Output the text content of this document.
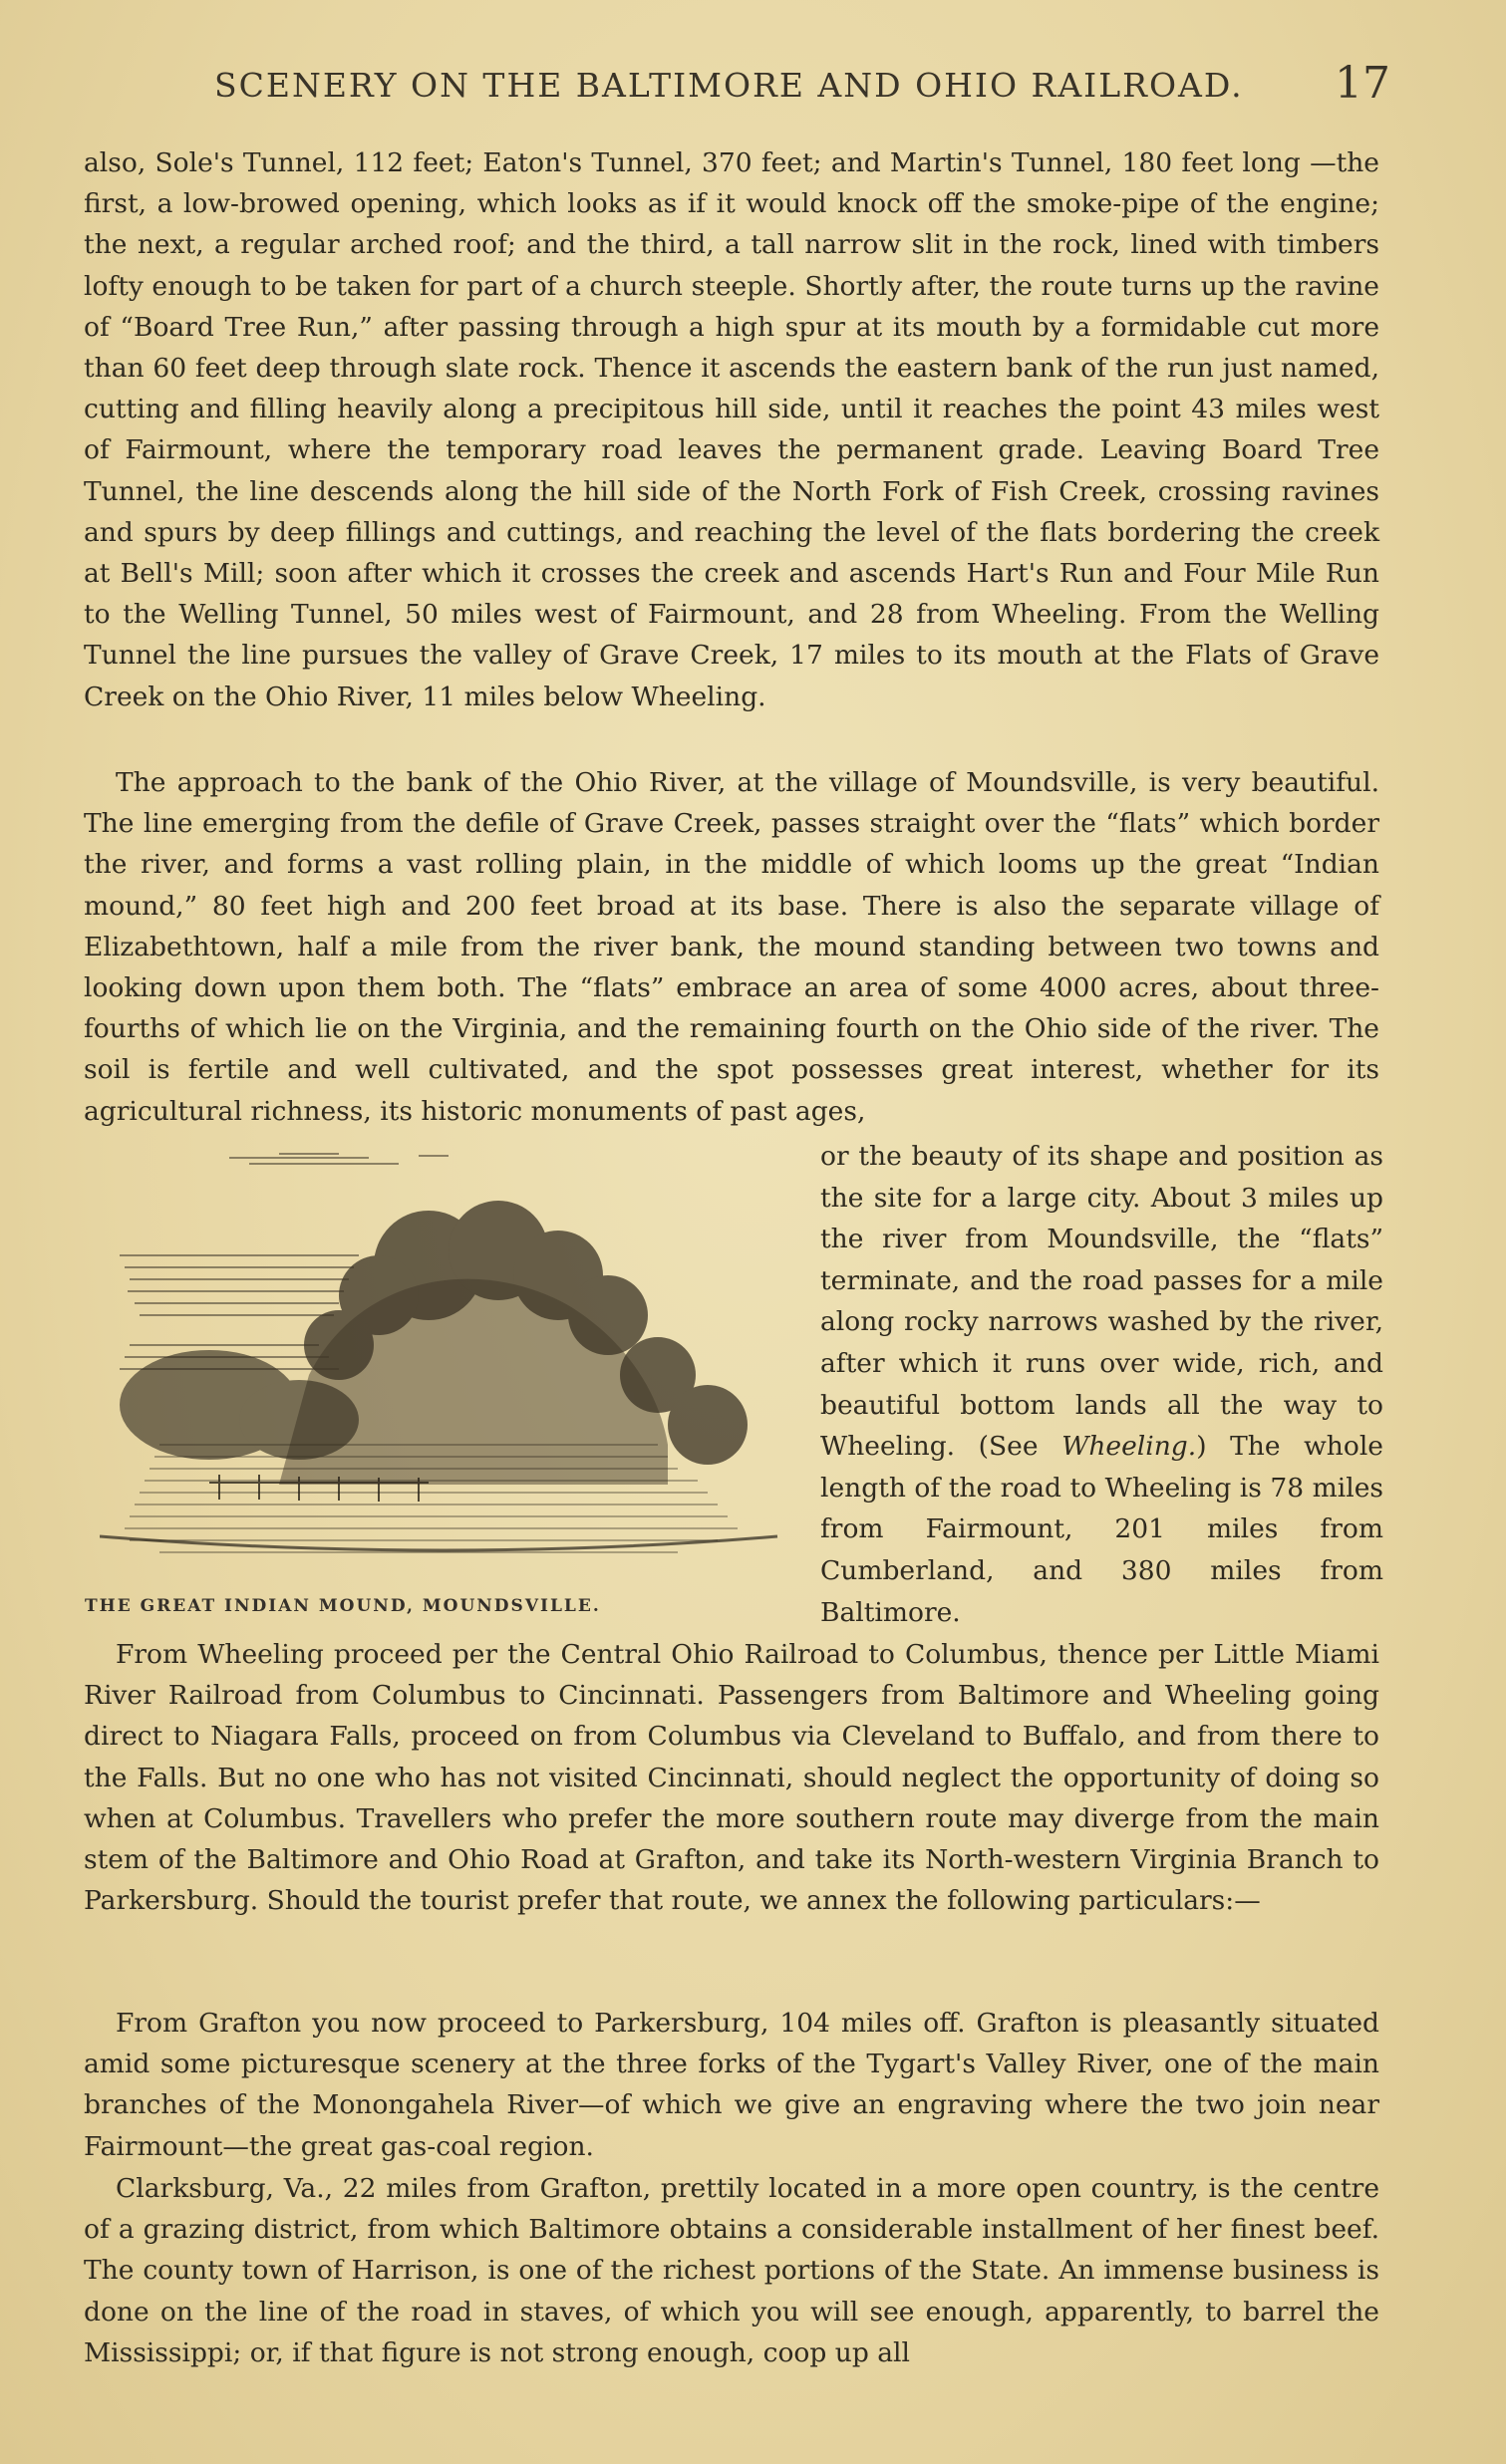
SCENERY ON THE BALTIMORE AND OHIO RAILROAD. 17
also, Sole's Tunnel, 112 feet; Eaton's Tunnel, 370 feet; and Martin's Tunnel, 180 feet long —the first, a low-browed opening, which looks as if it would knock off the smoke-pipe of the engine; the next, a regular arched roof; and the third, a tall narrow slit in the rock, lined with timbers lofty enough to be taken for part of a church steeple. Shortly after, the route turns up the ravine of “Board Tree Run,” after passing through a high spur at its mouth by a formidable cut more than 60 feet deep through slate rock. Thence it ascends the eastern bank of the run just named, cutting and filling heavily along a precipitous hill side, until it reaches the point 43 miles west of Fairmount, where the temporary road leaves the permanent grade. Leaving Board Tree Tunnel, the line descends along the hill side of the North Fork of Fish Creek, crossing ravines and spurs by deep fillings and cuttings, and reaching the level of the flats bordering the creek at Bell's Mill; soon after which it crosses the creek and ascends Hart's Run and Four Mile Run to the Welling Tunnel, 50 miles west of Fairmount, and 28 from Wheeling. From the Welling Tunnel the line pursues the valley of Grave Creek, 17 miles to its mouth at the Flats of Grave Creek on the Ohio River, 11 miles below Wheeling.
The approach to the bank of the Ohio River, at the village of Moundsville, is very beautiful. The line emerging from the defile of Grave Creek, passes straight over the “flats” which border the river, and forms a vast rolling plain, in the middle of which looms up the great “Indian mound,” 80 feet high and 200 feet broad at its base. There is also the separate village of Elizabethtown, half a mile from the river bank, the mound standing between two towns and looking down upon them both. The “flats” embrace an area of some 4000 acres, about three-fourths of which lie on the Virginia, and the remaining fourth on the Ohio side of the river. The soil is fertile and well cultivated, and the spot possesses great interest, whether for its agricultural richness, its historic monuments of past ages,
THE GREAT INDIAN MOUND, MOUNDSVILLE.
or the beauty of its shape and position as the site for a large city. About 3 miles up the river from Moundsville, the “flats” terminate, and the road passes for a mile along rocky narrows washed by the river, after which it runs over wide, rich, and beautiful bottom lands all the way to Wheeling. (See Wheeling.) The whole length of the road to Wheeling is 78 miles from Fairmount, 201 miles from Cumberland, and 380 miles from Baltimore.
From Wheeling proceed per the Central Ohio Railroad to Columbus, thence per Little Miami River Railroad from Columbus to Cincinnati. Passengers from Baltimore and Wheeling going direct to Niagara Falls, proceed on from Columbus via Cleveland to Buffalo, and from there to the Falls. But no one who has not visited Cincinnati, should neglect the opportunity of doing so when at Columbus. Travellers who prefer the more southern route may diverge from the main stem of the Baltimore and Ohio Road at Grafton, and take its North-western Virginia Branch to Parkersburg. Should the tourist prefer that route, we annex the following particulars:—
From Grafton you now proceed to Parkersburg, 104 miles off. Grafton is pleasantly situated amid some picturesque scenery at the three forks of the Tygart's Valley River, one of the main branches of the Monongahela River—of which we give an engraving where the two join near Fairmount—the great gas-coal region.
Clarksburg, Va., 22 miles from Grafton, prettily located in a more open country, is the centre of a grazing district, from which Baltimore obtains a considerable installment of her finest beef. The county town of Harrison, is one of the richest portions of the State. An immense business is done on the line of the road in staves, of which you will see enough, apparently, to barrel the Mississippi; or, if that figure is not strong enough, coop up all
